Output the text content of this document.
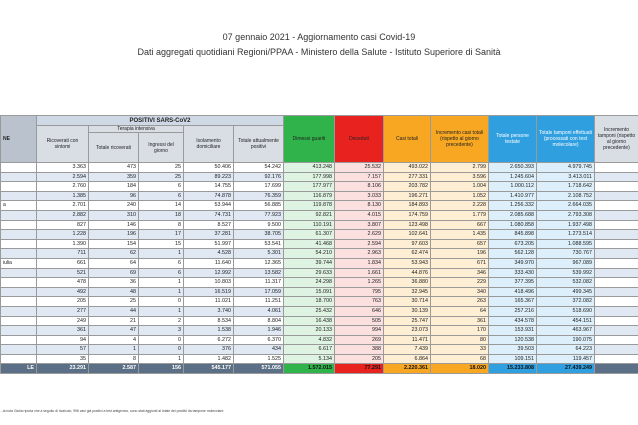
07 gennaio 2021 - Aggiornamento casi Covid-19
Dati aggregati quotidiani Regioni/PPAA - Ministero della Salute - Istituto Superiore di Sanità
NE	POSITIVI SARS-CoV2					Dimessi guariti	Deceduti	Casi totali	Incremento casi totali (rispetto al giorno precedente)	Totale persone testate	Totale tamponi effettuati (processati con test molecolare)	Incremento tamponi (rispetto al giorno precedente)
	Ricoverati con sintomi	Terapia intensiva		Isolamento domiciliare	Totale attualmente positivi							
		Totale ricoverati	Ingressi del giorno									
	3.363	473	25	50.406	54.242	413.248	25.532	493.022	2.799	2.650.393	4.979.745	
	2.594	359	25	89.223	92.176	177.998	7.157	277.331	3.596	1.245.604	3.413.011	
	2.760	184	6	14.755	17.699	177.977	8.106	203.782	1.004	1.000.112	1.718.642	
	1.385	96	6	74.878	76.359	116.879	3.033	196.271	1.052	1.410.977	2.108.752	
a	2.701	240	14	53.944	56.885	119.878	8.130	184.893	2.228	1.256.332	2.664.035	
	2.882	310	18	74.731	77.923	92.821	4.015	174.759	1.779	2.085.688	2.793.308	
	827	146	8	8.527	9.500	110.191	3.807	123.498	667	1.080.858	1.937.498	
	1.228	196	17	37.281	38.705	61.307	2.629	102.641	1.435	845.898	1.273.514	
	1.390	154	15	51.997	53.541	41.468	2.594	97.603	657	673.205	1.088.595	
	711	62	1	4.528	5.301	54.210	2.963	62.474	196	562.128	730.767	
iulia	661	64	6	11.640	12.365	39.744	1.834	53.943	671	349.970	967.089	
	521	69	6	12.992	13.582	29.633	1.661	44.876	346	333.430	539.992	
	478	36	1	10.803	11.317	24.298	1.265	36.880	229	377.395	532.082	
	492	48	1	16.519	17.059	15.091	795	32.945	340	418.496	499.345	
	205	25	0	11.021	11.251	18.700	763	30.714	263	165.367	372.082	
	277	44	1	3.740	4.061	25.432	646	30.139	64	257.216	518.690	
	249	21	2	8.534	8.804	16.438	505	25.747	361	434.578	454.151	
	361	47	3	1.538	1.946	20.133	994	23.073	170	153.931	463.967	
	94	4	0	6.272	6.370	4.832	269	11.471	80	120.538	190.075	
	57	1	0	376	434	6.617	388	7.439	33	39.503	64.223	
	35	8	1	1.482	1.525	5.134	205	6.864	68	109.151	119.457	
LE	23.291	2.587	156	545.177	571.055	1.572.015	77.291	2.220.361	18.020	15.233.808	27.439.249	
...la nota Giulia riporta che a seguito di ricalcolo, 996 casi già positivi a test antigenico, sono stati aggiunti al totale dei positivi da tampone molecolare.
